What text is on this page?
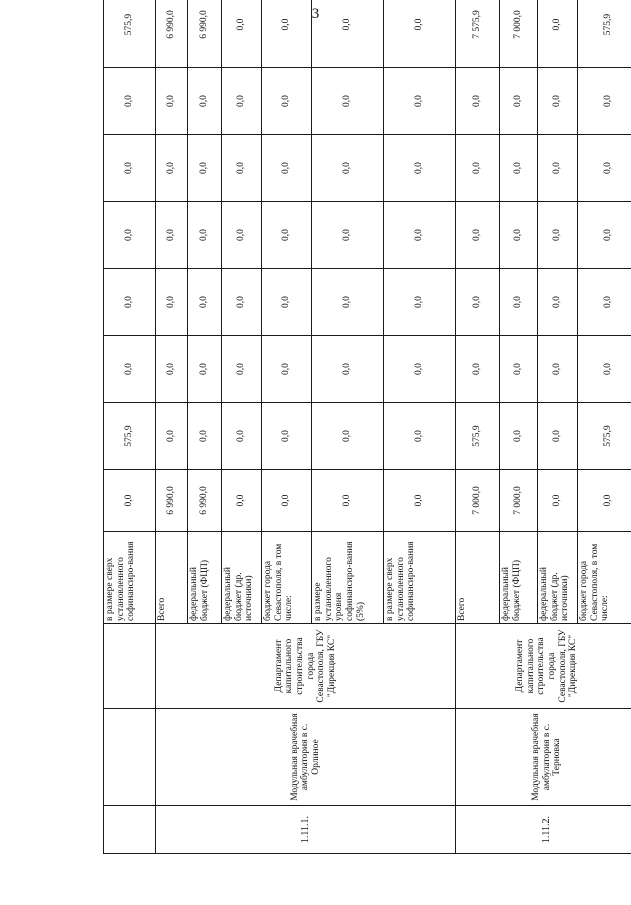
3
			в размере сверх установленного софинансиро-вания	0,0	575,9	0,0	0,0	0,0	0,0	0,0	575,9
1.11.1.	Модульная врачебная амбулатория в с. Орлиное	Департамент капитального строительства города Севастополя, ГБУ "Дирекция КС"	Всего	6 990,0	0,0	0,0	0,0	0,0	0,0	0,0	6 990,0
			федеральный бюджет (ФЦП)	6 990,0	0,0	0,0	0,0	0,0	0,0	0,0	6 990,0
			федеральный бюджет (др. источники)	0,0	0,0	0,0	0,0	0,0	0,0	0,0	0,0
			бюджет города Севастополя, в том числе:	0,0	0,0	0,0	0,0	0,0	0,0	0,0	0,0
			в размере установленного уровня софинансиро-вания (5%)	0,0	0,0	0,0	0,0	0,0	0,0	0,0	0,0
			в размере сверх установленного софинансиро-вания	0,0	0,0	0,0	0,0	0,0	0,0	0,0	0,0
1.11.2.	Модульная врачебная амбулатория в с. Терновка	Департамент капитального строительства города Севастополя, ГБУ "Дирекция КС"	Всего	7 000,0	575,9	0,0	0,0	0,0	0,0	0,0	7 575,9
			федеральный бюджет (ФЦП)	7 000,0	0,0	0,0	0,0	0,0	0,0	0,0	7 000,0
			федеральный бюджет (др. источники)	0,0	0,0	0,0	0,0	0,0	0,0	0,0	0,0
			бюджет города Севастополя, в том числе:	0,0	575,9	0,0	0,0	0,0	0,0	0,0	575,9
